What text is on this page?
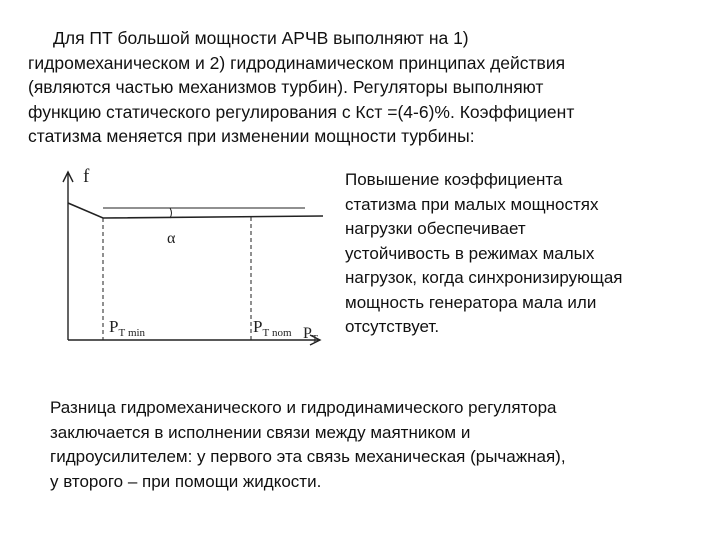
Для ПТ большой мощности АРЧВ выполняют на 1)
гидромеханическом и 2) гидродинамическом принципах действия
(являются частью механизмов турбин). Регуляторы выполняют
функцию статического регулирования с Кст =(4-6)%. Коэффициент
статизма меняется при изменении мощности турбины:
f
α
$P_{Т min}$	$P_{Т nom}$ $P_Т$
Повышение коэффициента
статизма при малых мощностях
нагрузки обеспечивает
устойчивость в режимах малых
нагрузок, когда синхронизирующая
мощность генератора мала или
отсутствует.
Разница гидромеханического и гидродинамического регулятора
заключается в исполнении связи между маятником и
гидроусилителем: у первого эта связь механическая (рычажная),
у второго – при помощи жидкости.
